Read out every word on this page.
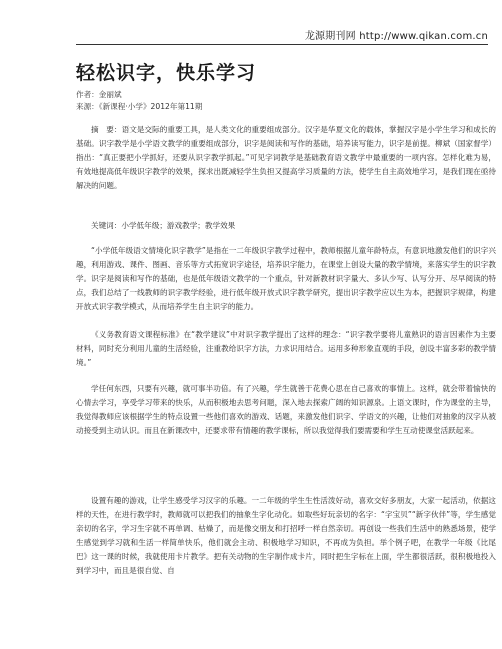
龙源期刊网 http://www.qikan.com.cn
轻松识字，快乐学习
作者：金丽斌
来源：《新课程·小学》2012年第11期

摘　要：语文是交际的重要工具，是人类文化的重要组成部分。汉字是华夏文化的载体，掌握汉字是小学生学习和成长的基础。识字教学是小学语文教学的重要组成部分，识字是阅读和写作的基础，培养读写能力，识字是前提。柳斌（国家督学）指出：“真正要把小学抓好，还要从识字教学抓起。”可见字词教学是基础教育语文教学中最重要的一项内容。怎样化难为易，有效地提高低年级识字教学的效果，探求出既减轻学生负担又提高学习质量的方法，使学生自主高效地学习，是我们现在亟待解决的问题。

关键词：小学低年级；游戏教学；教学效果

“小学低年级语文情境化识字教学”是指在一二年级识字教学过程中，教师根据儿童年龄特点，有意识地激发他们的识字兴趣，利用游戏、课件、图画、音乐等方式拓宽识字途径，培养识字能力，在课堂上创设大量的教学情境，来落实学生的识字教学。识字是阅读和写作的基础，也是低年级语文教学的一个重点，针对新教材识字量大、多认少写、认写分开、尽早阅读的特点，我们总结了一线教师的识字教学经验，进行低年级开放式识字教学研究，提出识字教学应以生为本，把握识字规律，构建开放式识字教学模式，从而培养学生自主识字的能力。

《义务教育语文课程标准》在“教学建议”中对识字教学提出了这样的理念：“识字教学要将儿童熟识的语言因素作为主要材料，同时充分利用儿童的生活经验，注重教给识字方法，力求识用结合。运用多种形象直观的手段，创设丰富多彩的教学情境。”

学任何东西，只要有兴趣，就可事半功倍。有了兴趣，学生就善于花费心思在自己喜欢的事情上。这样，就会带着愉快的心情去学习，享受学习带来的快乐，从而积极地去思考问题，深入地去探索广阔的知识源泉。上语文课时，作为课堂的主导，我觉得教师应该根据学生的特点设置一些他们喜欢的游戏、话题，来激发他们识字、学语文的兴趣，让他们对抽象的汉字从被动接受到主动认识。而且在新课改中，还要求带有情趣的教学课标，所以我觉得我们要需要和学生互动使课堂活跃起来。

设置有趣的游戏，让学生感受学习汉字的乐趣。一二年级的学生生性活泼好动，喜欢交好多朋友，大家一起活动，依据这样的天性，在进行教学时，教师就可以把我们的抽象生字化动化。如取些好玩亲切的名字：“字宝贝”“新字伙伴”等，学生感觉亲切的名字，学习生字就不再单调、枯燥了，而是像交朋友和打招呼一样自然亲切。再创设一些我们生活中的熟悉场景，使学生感觉到学习就和生活一样简单快乐，他们就会主动、积极地学习知识，不再成为负担。举个例子吧，在教学一年级《比尾巴》这一课的时候，我就使用卡片教学。把有关动物的生字制作成卡片，同时把生字标在上面，学生都很活跃，很积极地投入到学习中，而且是很自觉、自
